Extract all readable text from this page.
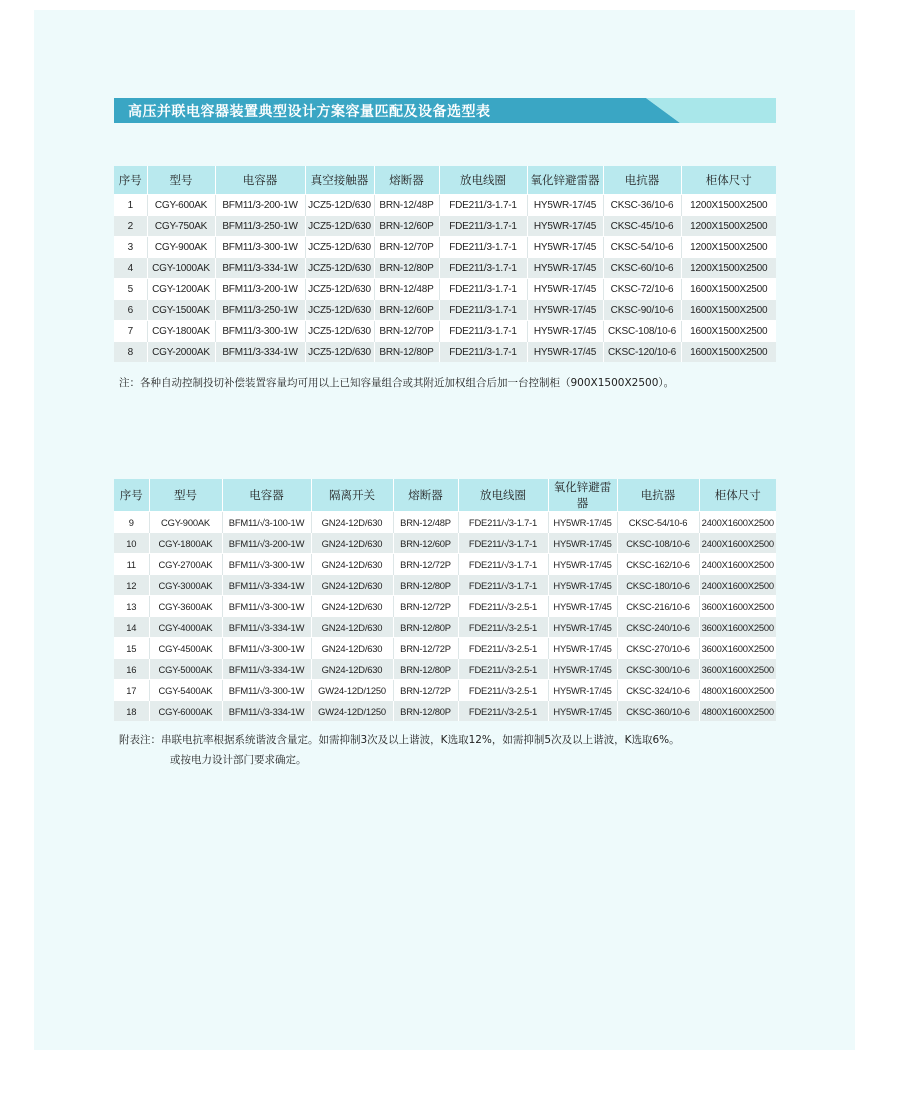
高压并联电容器装置典型设计方案容量匹配及设备选型表
序号	型号	电容器	真空接触器	熔断器	放电线圈	氧化锌避雷器	电抗器	柜体尺寸
1	CGY-600AK	BFM11/3-200-1W	JCZ5-12D/630	BRN-12/48P	FDE211/3-1.7-1	HY5WR-17/45	CKSC-36/10-6	1200X1500X2500
2	CGY-750AK	BFM11/3-250-1W	JCZ5-12D/630	BRN-12/60P	FDE211/3-1.7-1	HY5WR-17/45	CKSC-45/10-6	1200X1500X2500
3	CGY-900AK	BFM11/3-300-1W	JCZ5-12D/630	BRN-12/70P	FDE211/3-1.7-1	HY5WR-17/45	CKSC-54/10-6	1200X1500X2500
4	CGY-1000AK	BFM11/3-334-1W	JCZ5-12D/630	BRN-12/80P	FDE211/3-1.7-1	HY5WR-17/45	CKSC-60/10-6	1200X1500X2500
5	CGY-1200AK	BFM11/3-200-1W	JCZ5-12D/630	BRN-12/48P	FDE211/3-1.7-1	HY5WR-17/45	CKSC-72/10-6	1600X1500X2500
6	CGY-1500AK	BFM11/3-250-1W	JCZ5-12D/630	BRN-12/60P	FDE211/3-1.7-1	HY5WR-17/45	CKSC-90/10-6	1600X1500X2500
7	CGY-1800AK	BFM11/3-300-1W	JCZ5-12D/630	BRN-12/70P	FDE211/3-1.7-1	HY5WR-17/45	CKSC-108/10-6	1600X1500X2500
8	CGY-2000AK	BFM11/3-334-1W	JCZ5-12D/630	BRN-12/80P	FDE211/3-1.7-1	HY5WR-17/45	CKSC-120/10-6	1600X1500X2500
注：各种自动控制投切补偿装置容量均可用以上已知容量组合或其附近加权组合后加一台控制柜（900X1500X2500）。
序号	型号	电容器	隔离开关	熔断器	放电线圈	氧化锌避雷器	电抗器	柜体尺寸
9	CGY-900AK	BFM11/√3-100-1W	GN24-12D/630	BRN-12/48P	FDE211/√3-1.7-1	HY5WR-17/45	CKSC-54/10-6	2400X1600X2500
10	CGY-1800AK	BFM11/√3-200-1W	GN24-12D/630	BRN-12/60P	FDE211/√3-1.7-1	HY5WR-17/45	CKSC-108/10-6	2400X1600X2500
11	CGY-2700AK	BFM11/√3-300-1W	GN24-12D/630	BRN-12/72P	FDE211/√3-1.7-1	HY5WR-17/45	CKSC-162/10-6	2400X1600X2500
12	CGY-3000AK	BFM11/√3-334-1W	GN24-12D/630	BRN-12/80P	FDE211/√3-1.7-1	HY5WR-17/45	CKSC-180/10-6	2400X1600X2500
13	CGY-3600AK	BFM11/√3-300-1W	GN24-12D/630	BRN-12/72P	FDE211/√3-2.5-1	HY5WR-17/45	CKSC-216/10-6	3600X1600X2500
14	CGY-4000AK	BFM11/√3-334-1W	GN24-12D/630	BRN-12/80P	FDE211/√3-2.5-1	HY5WR-17/45	CKSC-240/10-6	3600X1600X2500
15	CGY-4500AK	BFM11/√3-300-1W	GN24-12D/630	BRN-12/72P	FDE211/√3-2.5-1	HY5WR-17/45	CKSC-270/10-6	3600X1600X2500
16	CGY-5000AK	BFM11/√3-334-1W	GN24-12D/630	BRN-12/80P	FDE211/√3-2.5-1	HY5WR-17/45	CKSC-300/10-6	3600X1600X2500
17	CGY-5400AK	BFM11/√3-300-1W	GW24-12D/1250	BRN-12/72P	FDE211/√3-2.5-1	HY5WR-17/45	CKSC-324/10-6	4800X1600X2500
18	CGY-6000AK	BFM11/√3-334-1W	GW24-12D/1250	BRN-12/80P	FDE211/√3-2.5-1	HY5WR-17/45	CKSC-360/10-6	4800X1600X2500
附表注：串联电抗率根据系统谐波含量定。如需抑制3次及以上谐波，K选取12%，如需抑制5次及以上谐波，K选取6%。
或按电力设计部门要求确定。
